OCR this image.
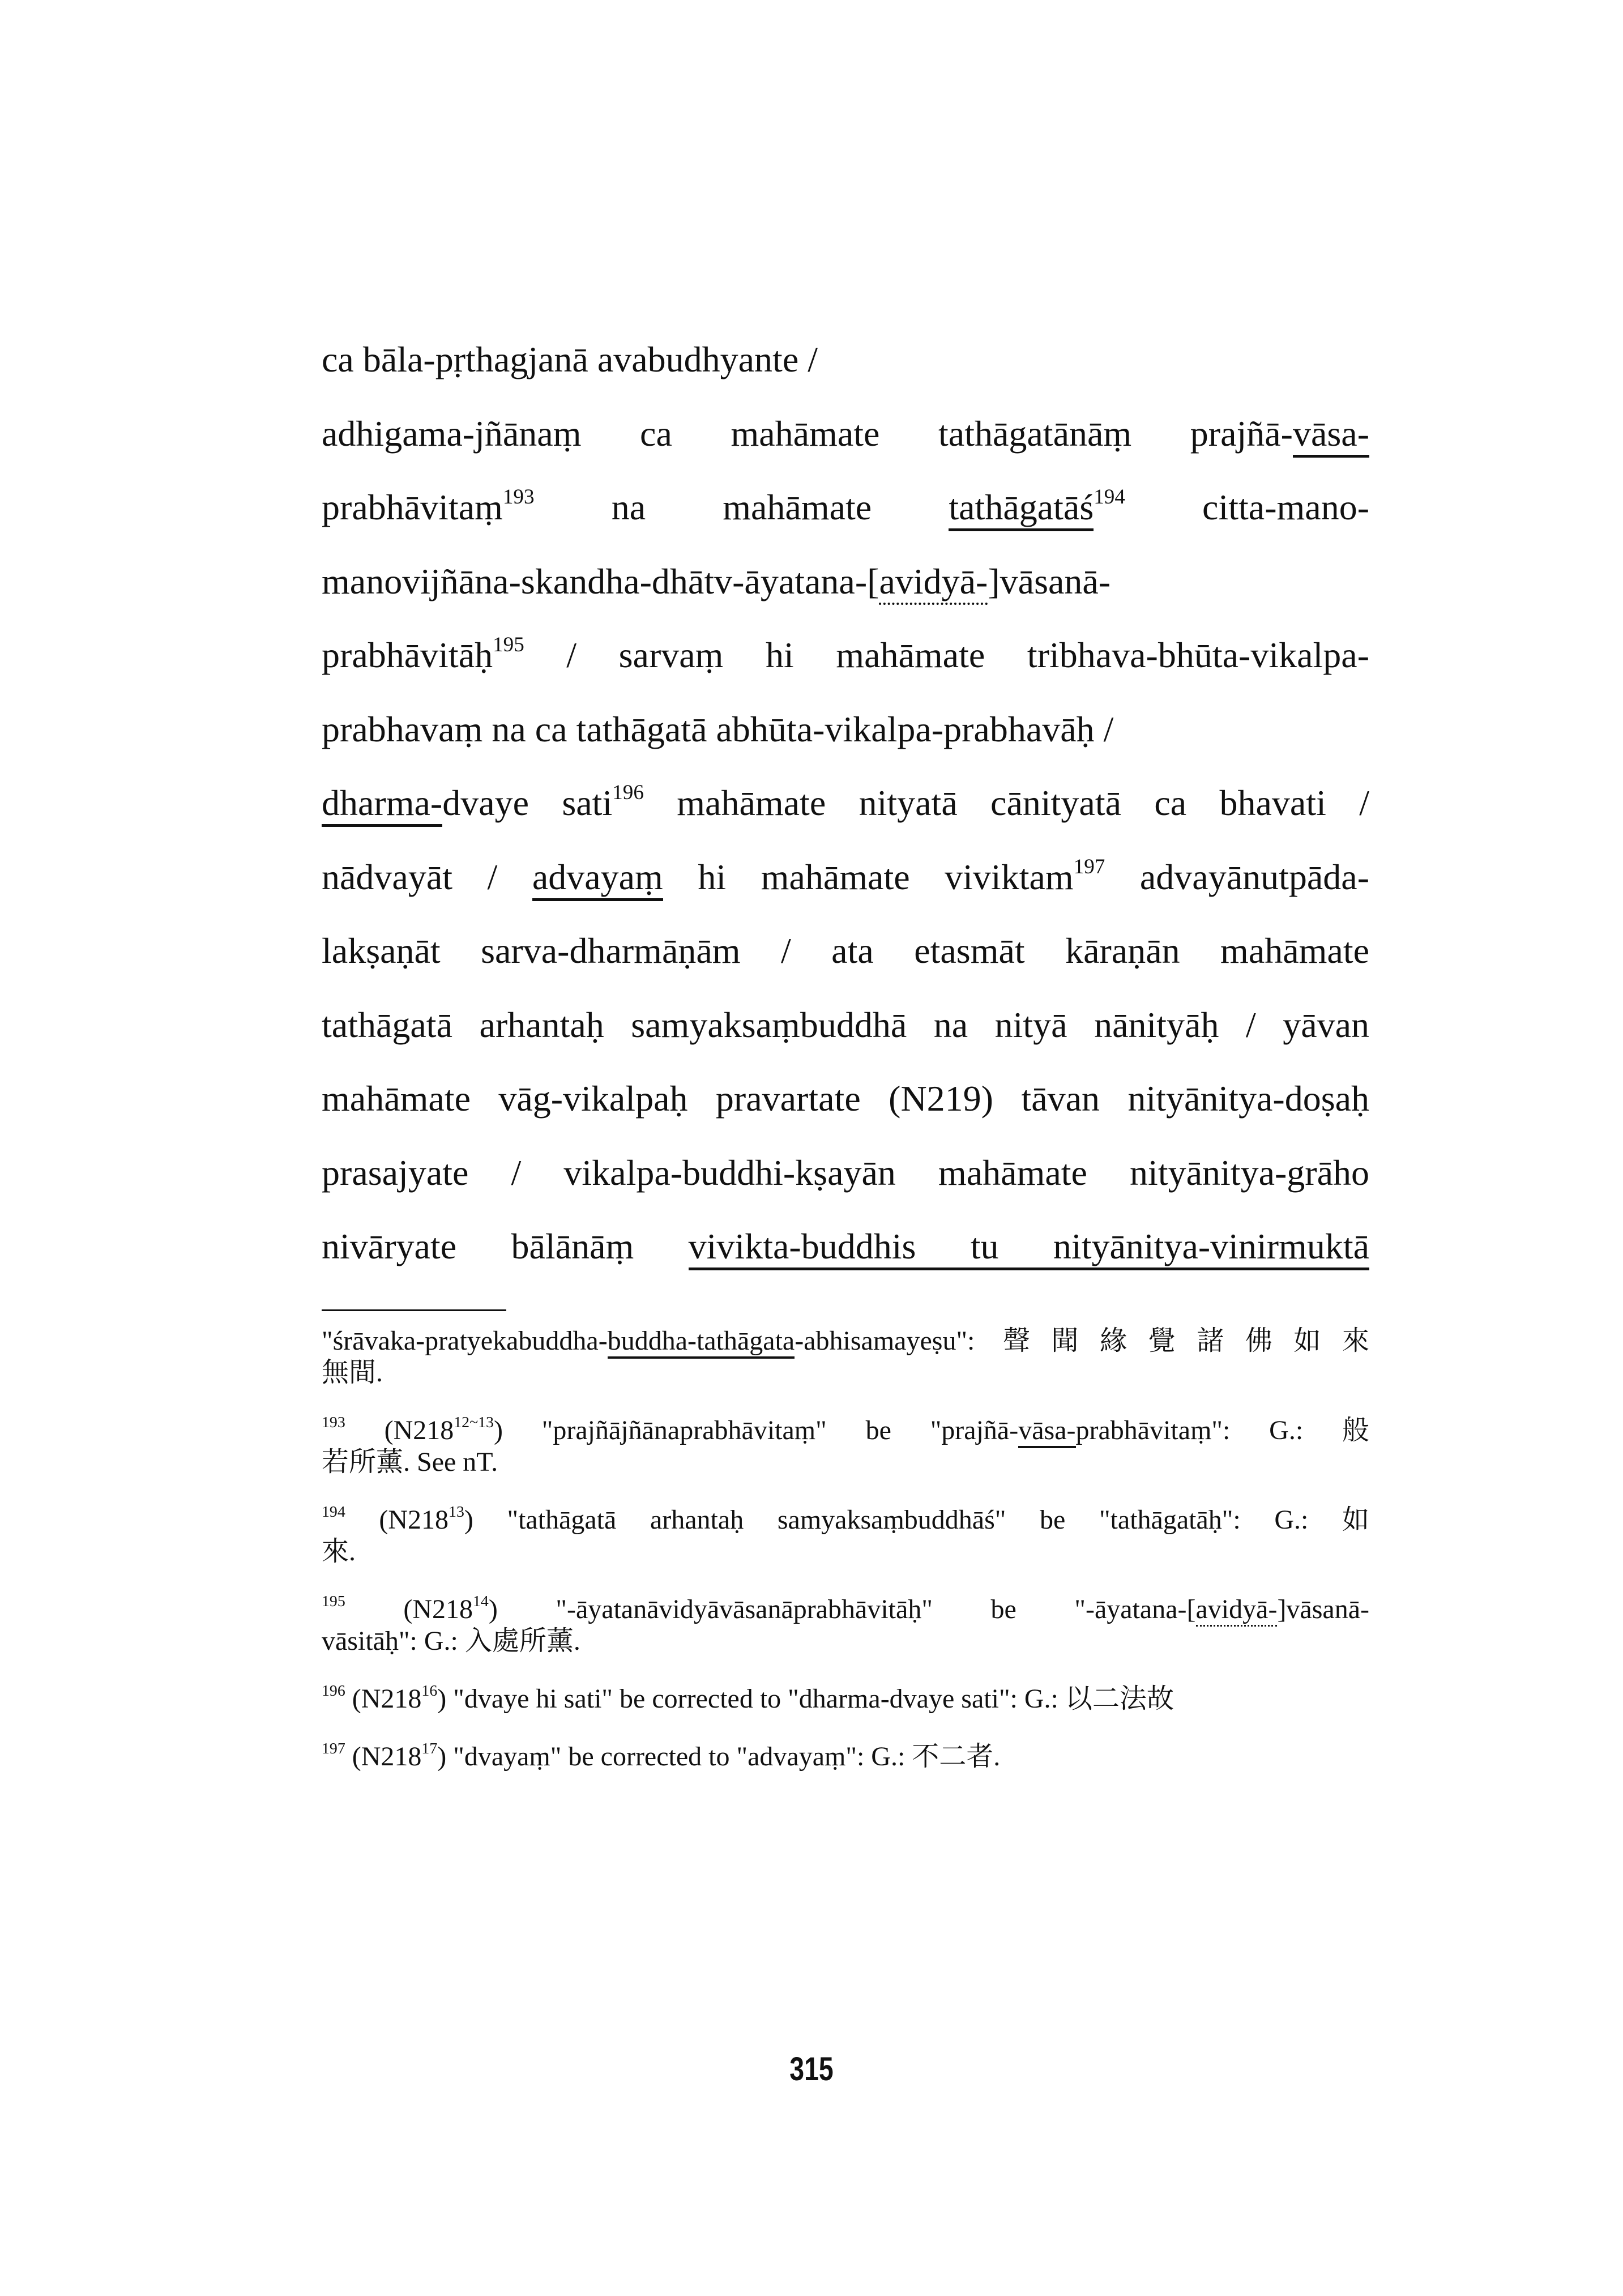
ca bāla-pṛthagjanā avabudhyante /
adhigama-jñānaṃ ca mahāmate tathāgatānāṃ prajñā-vāsa-
prabhāvitaṃ$^{193}$ na mahāmate tathāgatāś$^{194}$ citta-mano-
manovijñāna-skandha-dhātv-āyatana-[avidyā-]vāsanā-
prabhāvitāḥ$^{195}$ / sarvaṃ hi mahāmate tribhava-bhūta-vikalpa-
prabhavaṃ na ca tathāgatā abhūta-vikalpa-prabhavāḥ /
dharma-dvaye sati$^{196}$ mahāmate nityatā cānityatā ca bhavati /
nādvayāt / advayaṃ hi mahāmate viviktam$^{197}$ advayānutpāda-
lakṣaṇāt sarva-dharmāṇām / ata etasmāt kāraṇān mahāmate
tathāgatā arhantaḥ samyaksaṃbuddhā na nityā nānityāḥ / yāvan
mahāmate vāg-vikalpaḥ pravartate (N219) tāvan nityānitya-doṣaḥ
prasajyate / vikalpa-buddhi-kṣayān mahāmate nityānitya-grāho
nivāryate bālānāṃ vivikta-buddhis tu nityānitya-vinirmuktā
"śrāvaka-pratyekabuddha-buddha-tathāgata-abhisamayeṣu": 聲聞緣覺諸佛如來
無間.
$^{193}$ $(N218^{12\sim 13})$ "prajñājñānaprabhāvitaṃ" be "prajñā-vāsa-prabhāvitaṃ": G.: 般
若所薰. See nT.
$^{194}$ $(N218^{13})$ "tathāgatā arhantaḥ samyaksaṃbuddhāś" be "tathāgatāḥ": G.: 如
來.
$^{195}$ $(N218^{14})$ "-āyatanāvidyāvāsanāprabhāvitāḥ" be "-āyatana-[avidyā-]vāsanā-
vāsitāḥ": G.: 入處所薰.
$^{196}$ $(N218^{16})$ "dvaye hi sati" be corrected to "dharma-dvaye sati": G.: 以二法故
$^{197}$ $(N218^{17})$ "dvayaṃ" be corrected to "advayaṃ": G.: 不二者.
315
